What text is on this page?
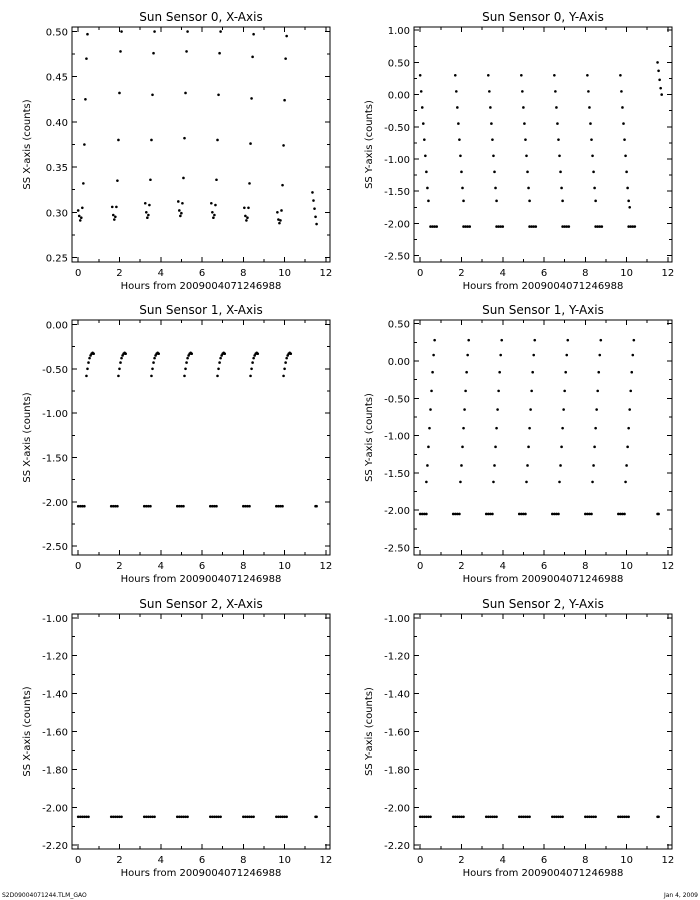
Sun Sensor 0, X-Axis
0	2	4	6	8	10	12
0.25
0.30
0.35
0.40
0.45
0.50
Hours from 2009004071246988
SS X-axis (counts)
Sun Sensor 0, Y-Axis
0	2	4	6	8	10	12
-2.50
-2.00
-1.50
-1.00
-0.50
0.00
0.50
1.00
Hours from 2009004071246988
SS Y-axis (counts)
Sun Sensor 1, X-Axis
0	2	4	6	8	10	12
-2.50
-2.00
-1.50
-1.00
-0.50
0.00
Hours from 2009004071246988
SS X-axis (counts)
Sun Sensor 1, Y-Axis
0	2	4	6	8	10	12
-2.50
-2.00
-1.50
-1.00
-0.50
0.00
0.50
Hours from 2009004071246988
SS Y-axis (counts)
Sun Sensor 2, X-Axis
0	2	4	6	8	10	12
-2.20
-2.00
-1.80
-1.60
-1.40
-1.20
-1.00
Hours from 2009004071246988
SS X-axis (counts)
Sun Sensor 2, Y-Axis
0	2	4	6	8	10	12
-2.20
-2.00
-1.80
-1.60
-1.40
-1.20
-1.00
Hours from 2009004071246988
SS Y-axis (counts)
S2D09004071244.TLM_GAO	Jan 4, 2009
